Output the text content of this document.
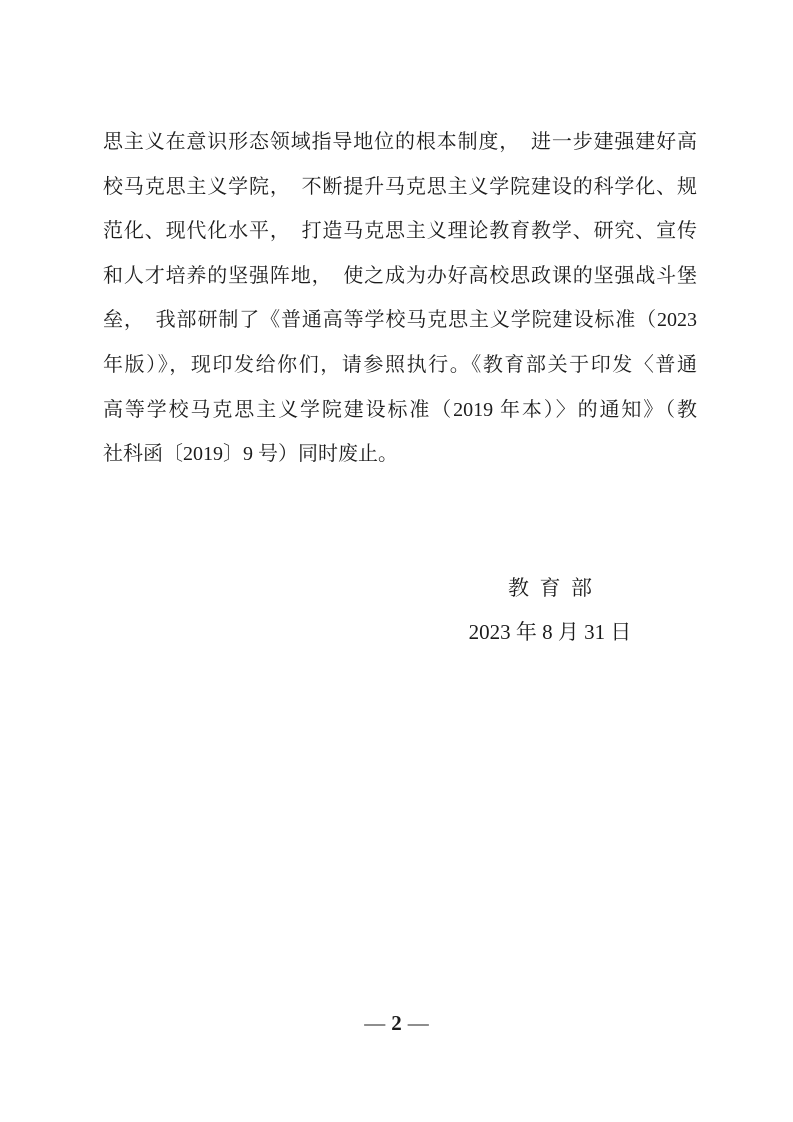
思主义在意识形态领域指导地位的根本制度，　进一步建强建好高
校马克思主义学院，　不断提升马克思主义学院建设的科学化、规
范化、现代化水平，　打造马克思主义理论教育教学、研究、宣传
和人才培养的坚强阵地，　使之成为办好高校思政课的坚强战斗堡
垒，　我部研制了《普通高等学校马克思主义学院建设标准（2023
年版）》，现印发给你们，请参照执行。《教育部关于印发〈普通
高等学校马克思主义学院建设标准（2019 年本）〉的通知》（教
社科函〔2019〕9 号）同时废止。
教  育  部
2023 年 8 月 31 日
— 2 —
